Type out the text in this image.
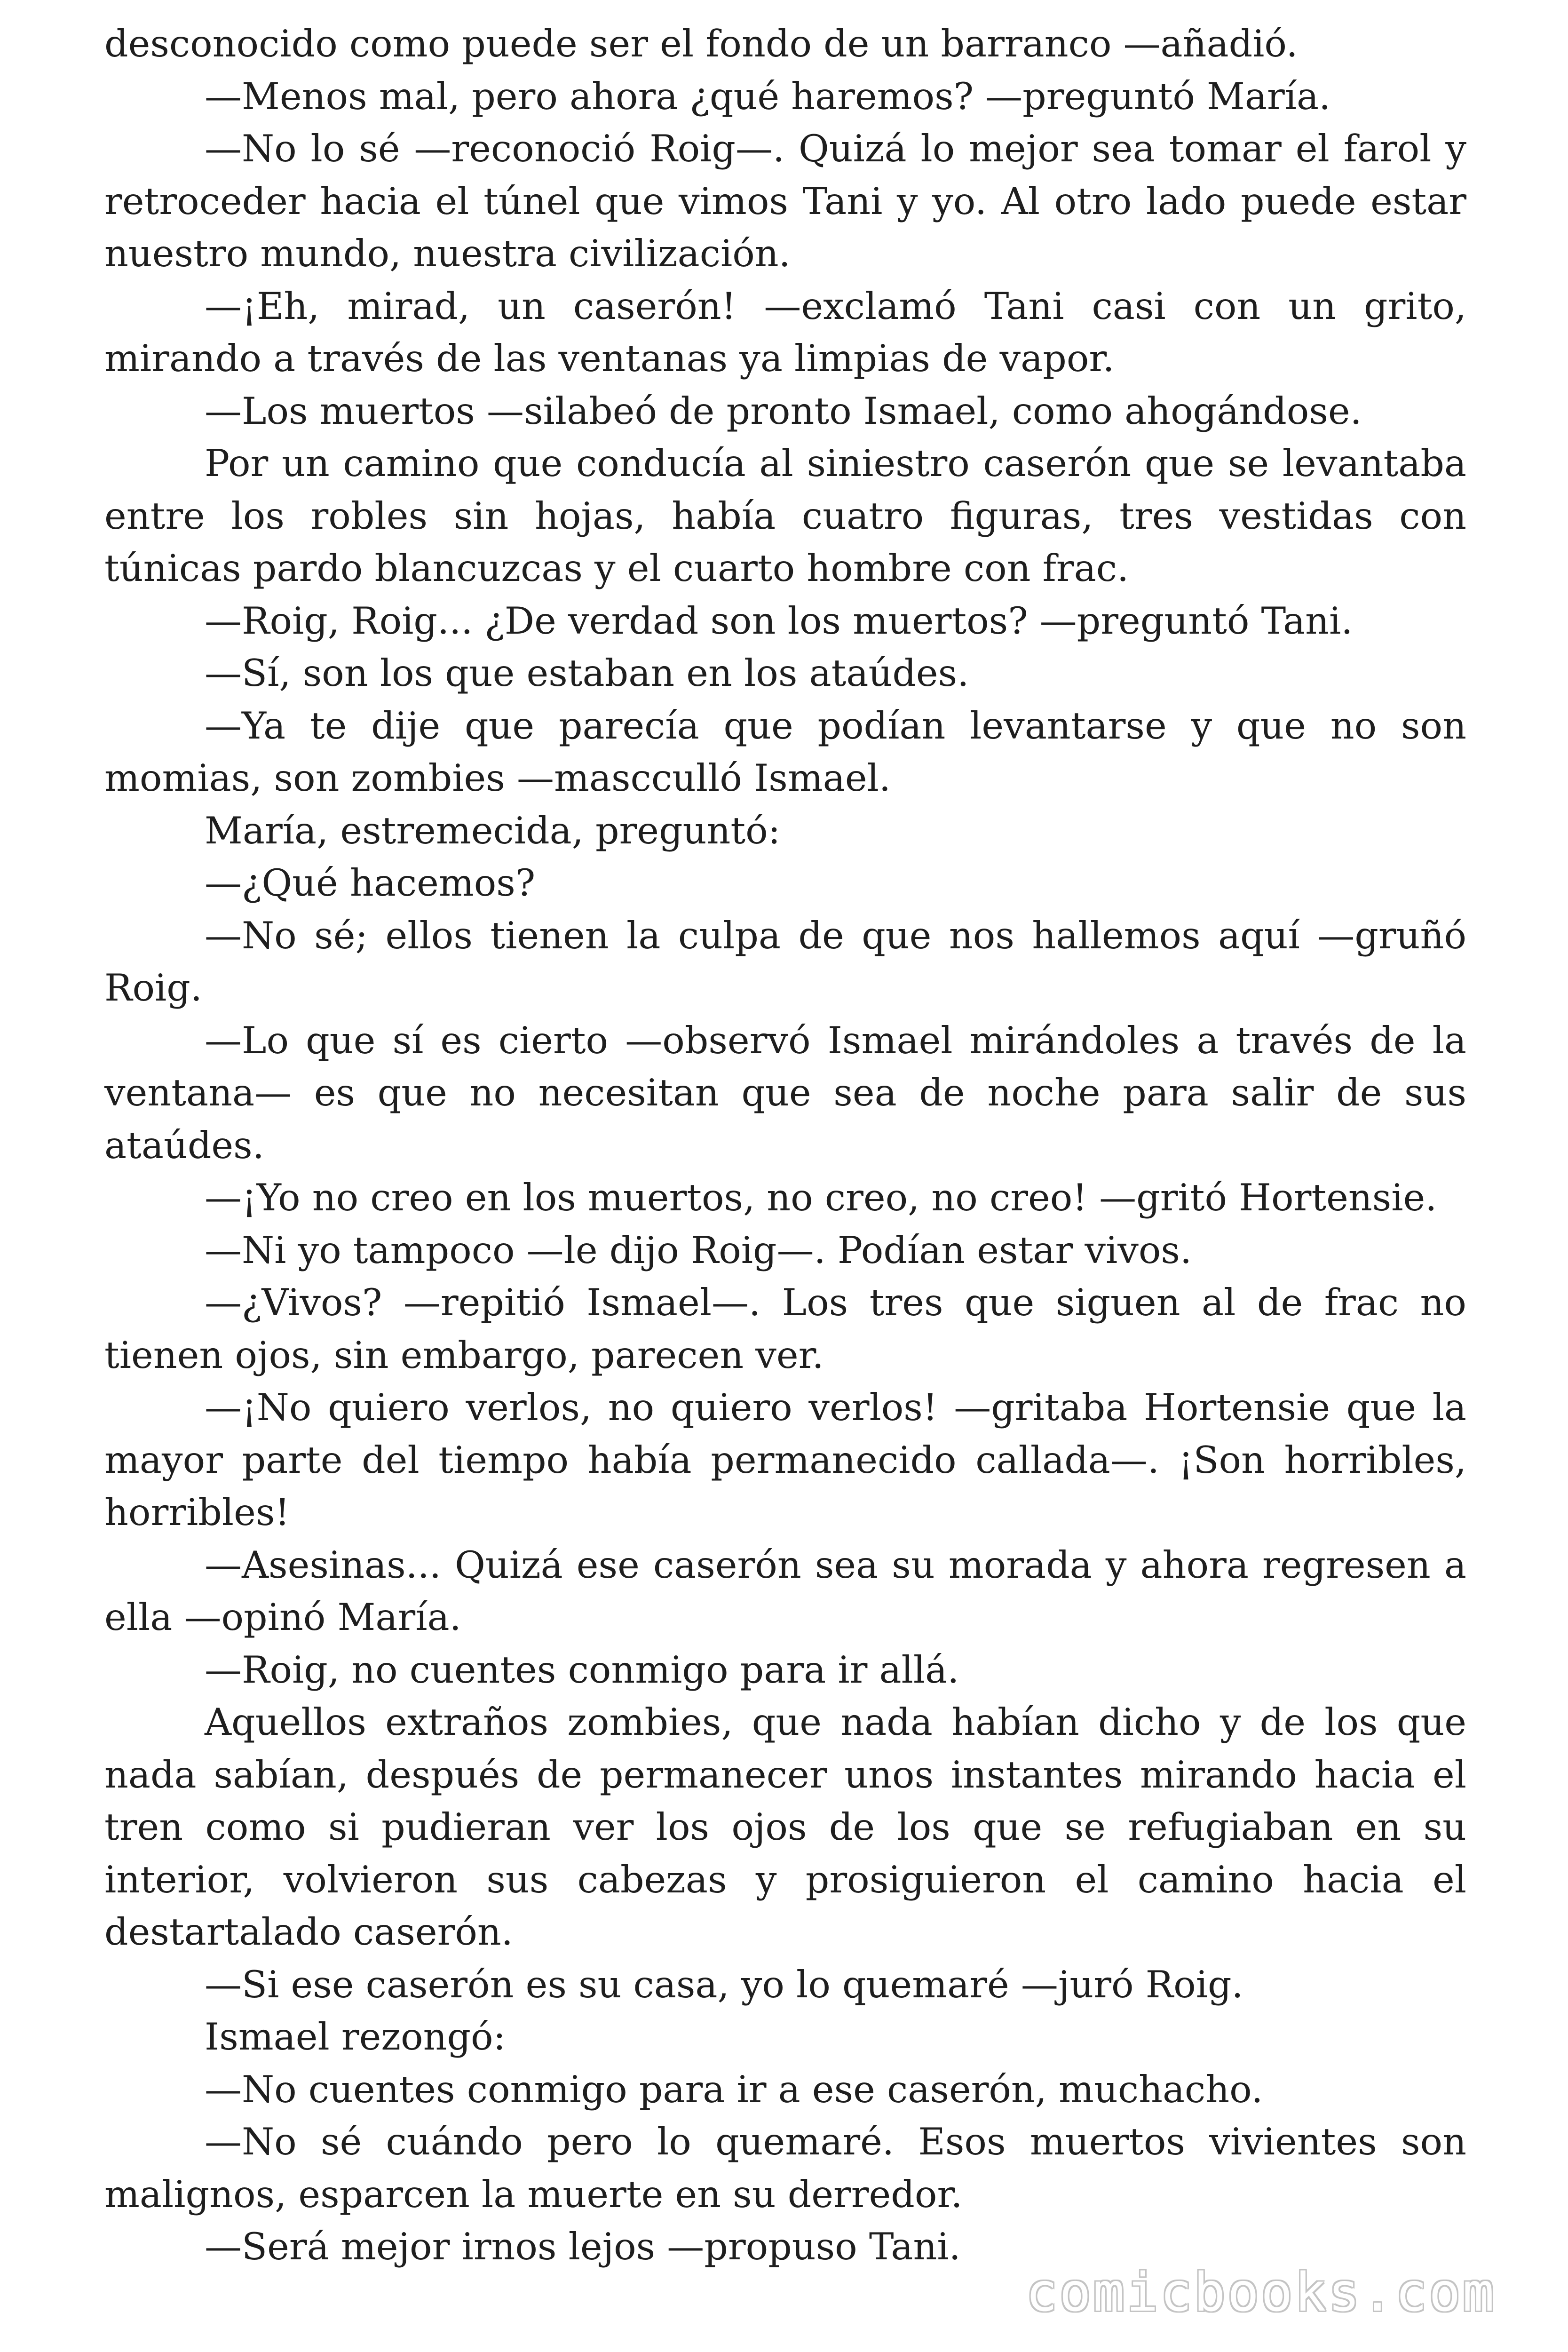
desconocido como puede ser el fondo de un barranco —añadió.

—Menos mal, pero ahora ¿qué haremos? —preguntó María.

—No lo sé —reconoció Roig—. Quizá lo mejor sea tomar el farol y retroceder hacia el túnel que vimos Tani y yo. Al otro lado puede estar nuestro mundo, nuestra civilización.

—¡Eh, mirad, un caserón! —exclamó Tani casi con un grito, mirando a través de las ventanas ya limpias de vapor.

—Los muertos —silabeó de pronto Ismael, como ahogándose.

Por un camino que conducía al siniestro caserón que se levantaba entre los robles sin hojas, había cuatro figuras, tres vestidas con túnicas pardo blancuzcas y el cuarto hombre con frac.

—Roig, Roig... ¿De verdad son los muertos? —preguntó Tani.

—Sí, son los que estaban en los ataúdes.

—Ya te dije que parecía que podían levantarse y que no son momias, son zombies —mascculló Ismael.

María, estremecida, preguntó:

—¿Qué hacemos?

—No sé; ellos tienen la culpa de que nos hallemos aquí —gruñó Roig.

—Lo que sí es cierto —observó Ismael mirándoles a través de la ventana— es que no necesitan que sea de noche para salir de sus ataúdes.

—¡Yo no creo en los muertos, no creo, no creo! —gritó Hortensie.

—Ni yo tampoco —le dijo Roig—. Podían estar vivos.

—¿Vivos? —repitió Ismael—. Los tres que siguen al de frac no tienen ojos, sin embargo, parecen ver.

—¡No quiero verlos, no quiero verlos! —gritaba Hortensie que la mayor parte del tiempo había permanecido callada—. ¡Son horribles, horribles!

—Asesinas... Quizá ese caserón sea su morada y ahora regresen a ella —opinó María.

—Roig, no cuentes conmigo para ir allá.

Aquellos extraños zombies, que nada habían dicho y de los que nada sabían, después de permanecer unos instantes mirando hacia el tren como si pudieran ver los ojos de los que se refugiaban en su interior, volvieron sus cabezas y prosiguieron el camino hacia el destartalado caserón.

—Si ese caserón es su casa, yo lo quemaré —juró Roig.

Ismael rezongó:

—No cuentes conmigo para ir a ese caserón, muchacho.

—No sé cuándo pero lo quemaré. Esos muertos vivientes son malignos, esparcen la muerte en su derredor.

—Será mejor irnos lejos —propuso Tani.

comicbooks.com
